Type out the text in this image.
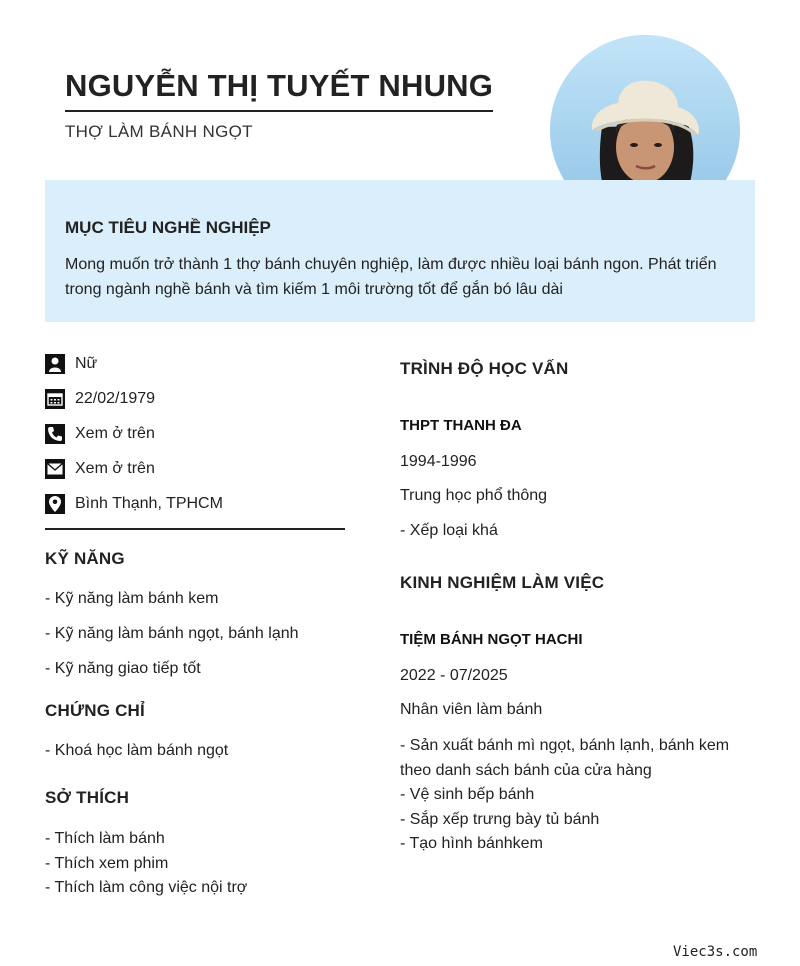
NGUYỄN THỊ TUYẾT NHUNG
THỢ LÀM BÁNH NGỌT
MỤC TIÊU NGHỀ NGHIỆP

Mong muốn trở thành 1 thợ bánh chuyên nghiệp, làm được nhiều loại bánh ngon. Phát triển trong ngành nghề bánh và tìm kiếm 1 môi trường tốt để gắn bó lâu dài

Nữ
22/02/1979
Xem ở trên
Xem ở trên
Bình Thạnh, TPHCM
KỸ NĂNG
- Kỹ năng làm bánh kem
- Kỹ năng làm bánh ngọt, bánh lạnh
- Kỹ năng giao tiếp tốt
CHỨNG CHỈ
- Khoá học làm bánh ngọt
SỞ THÍCH
- Thích làm bánh
- Thích xem phim
- Thích làm công việc nội trợ
TRÌNH ĐỘ HỌC VẤN
THPT THANH ĐA
1994-1996
Trung học phổ thông
- Xếp loại khá
KINH NGHIỆM LÀM VIỆC
TIỆM BÁNH NGỌT HACHI
2022 - 07/2025
Nhân viên làm bánh
- Sản xuất bánh mì ngọt, bánh lạnh, bánh kem theo danh sách bánh của cửa hàng
- Vệ sinh bếp bánh
- Sắp xếp trưng bày tủ bánh
- Tạo hình bánhkem
Viec3s.com
